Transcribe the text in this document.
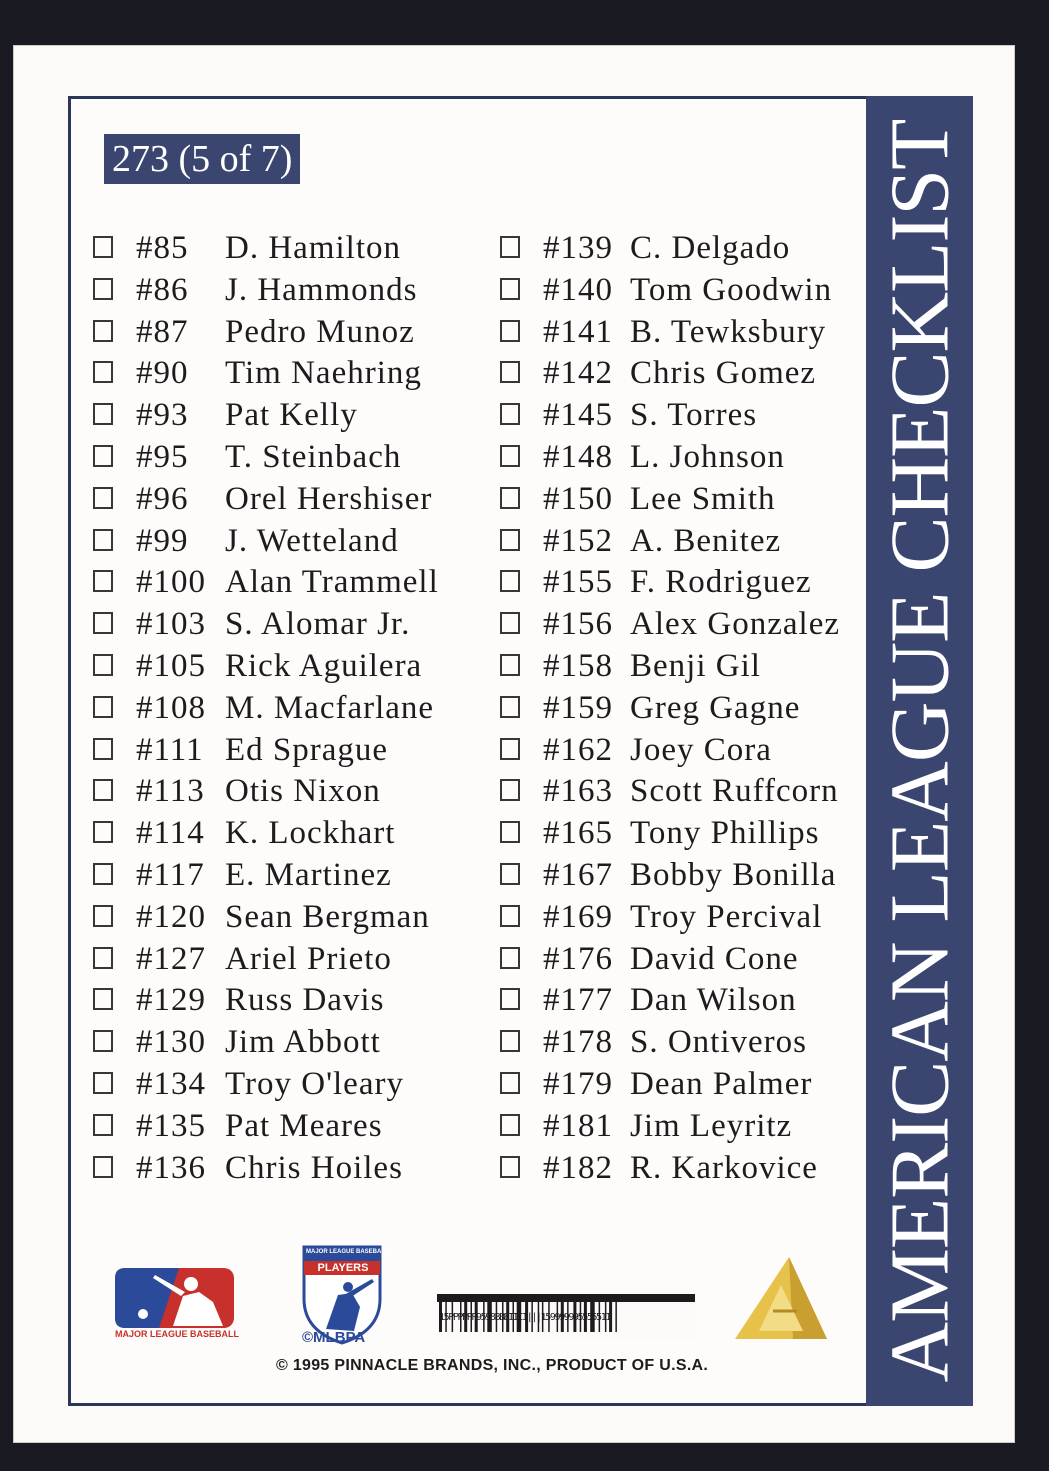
AMERICAN LEAGUE CHECKLIST
273 (5 of 7)
#85 D. Hamilton
#86 J. Hammonds
#87 Pedro Munoz
#90 Tim Naehring
#93 Pat Kelly
#95 T. Steinbach
#96 Orel Hershiser
#99 J. Wetteland
#100 Alan Trammell
#103 S. Alomar Jr.
#105 Rick Aguilera
#108 M. Macfarlane
#111 Ed Sprague
#113 Otis Nixon
#114 K. Lockhart
#117 E. Martinez
#120 Sean Bergman
#127 Ariel Prieto
#129 Russ Davis
#130 Jim Abbott
#134 Troy O'leary
#135 Pat Meares
#136 Chris Hoiles
#139 C. Delgado
#140 Tom Goodwin
#141 B. Tewksbury
#142 Chris Gomez
#145 S. Torres
#148 L. Johnson
#150 Lee Smith
#152 A. Benitez
#155 F. Rodriguez
#156 Alex Gonzalez
#158 Benji Gil
#159 Greg Gagne
#162 Joey Cora
#163 Scott Ruffcorn
#165 Tony Phillips
#167 Bobby Bonilla
#169 Troy Percival
#176 David Cone
#177 Dan Wilson
#178 S. Ontiveros
#179 Dean Palmer
#181 Jim Leyritz
#182 R. Karkovice
MAJOR LEAGUE BASEBALL
MAJOR LEAGUE BASEBALL
PLAYERS
©MLBPA
15PPPPPP9598BBBIIII|||159999995555511
© 1995 PINNACLE BRANDS, INC., PRODUCT OF U.S.A.
